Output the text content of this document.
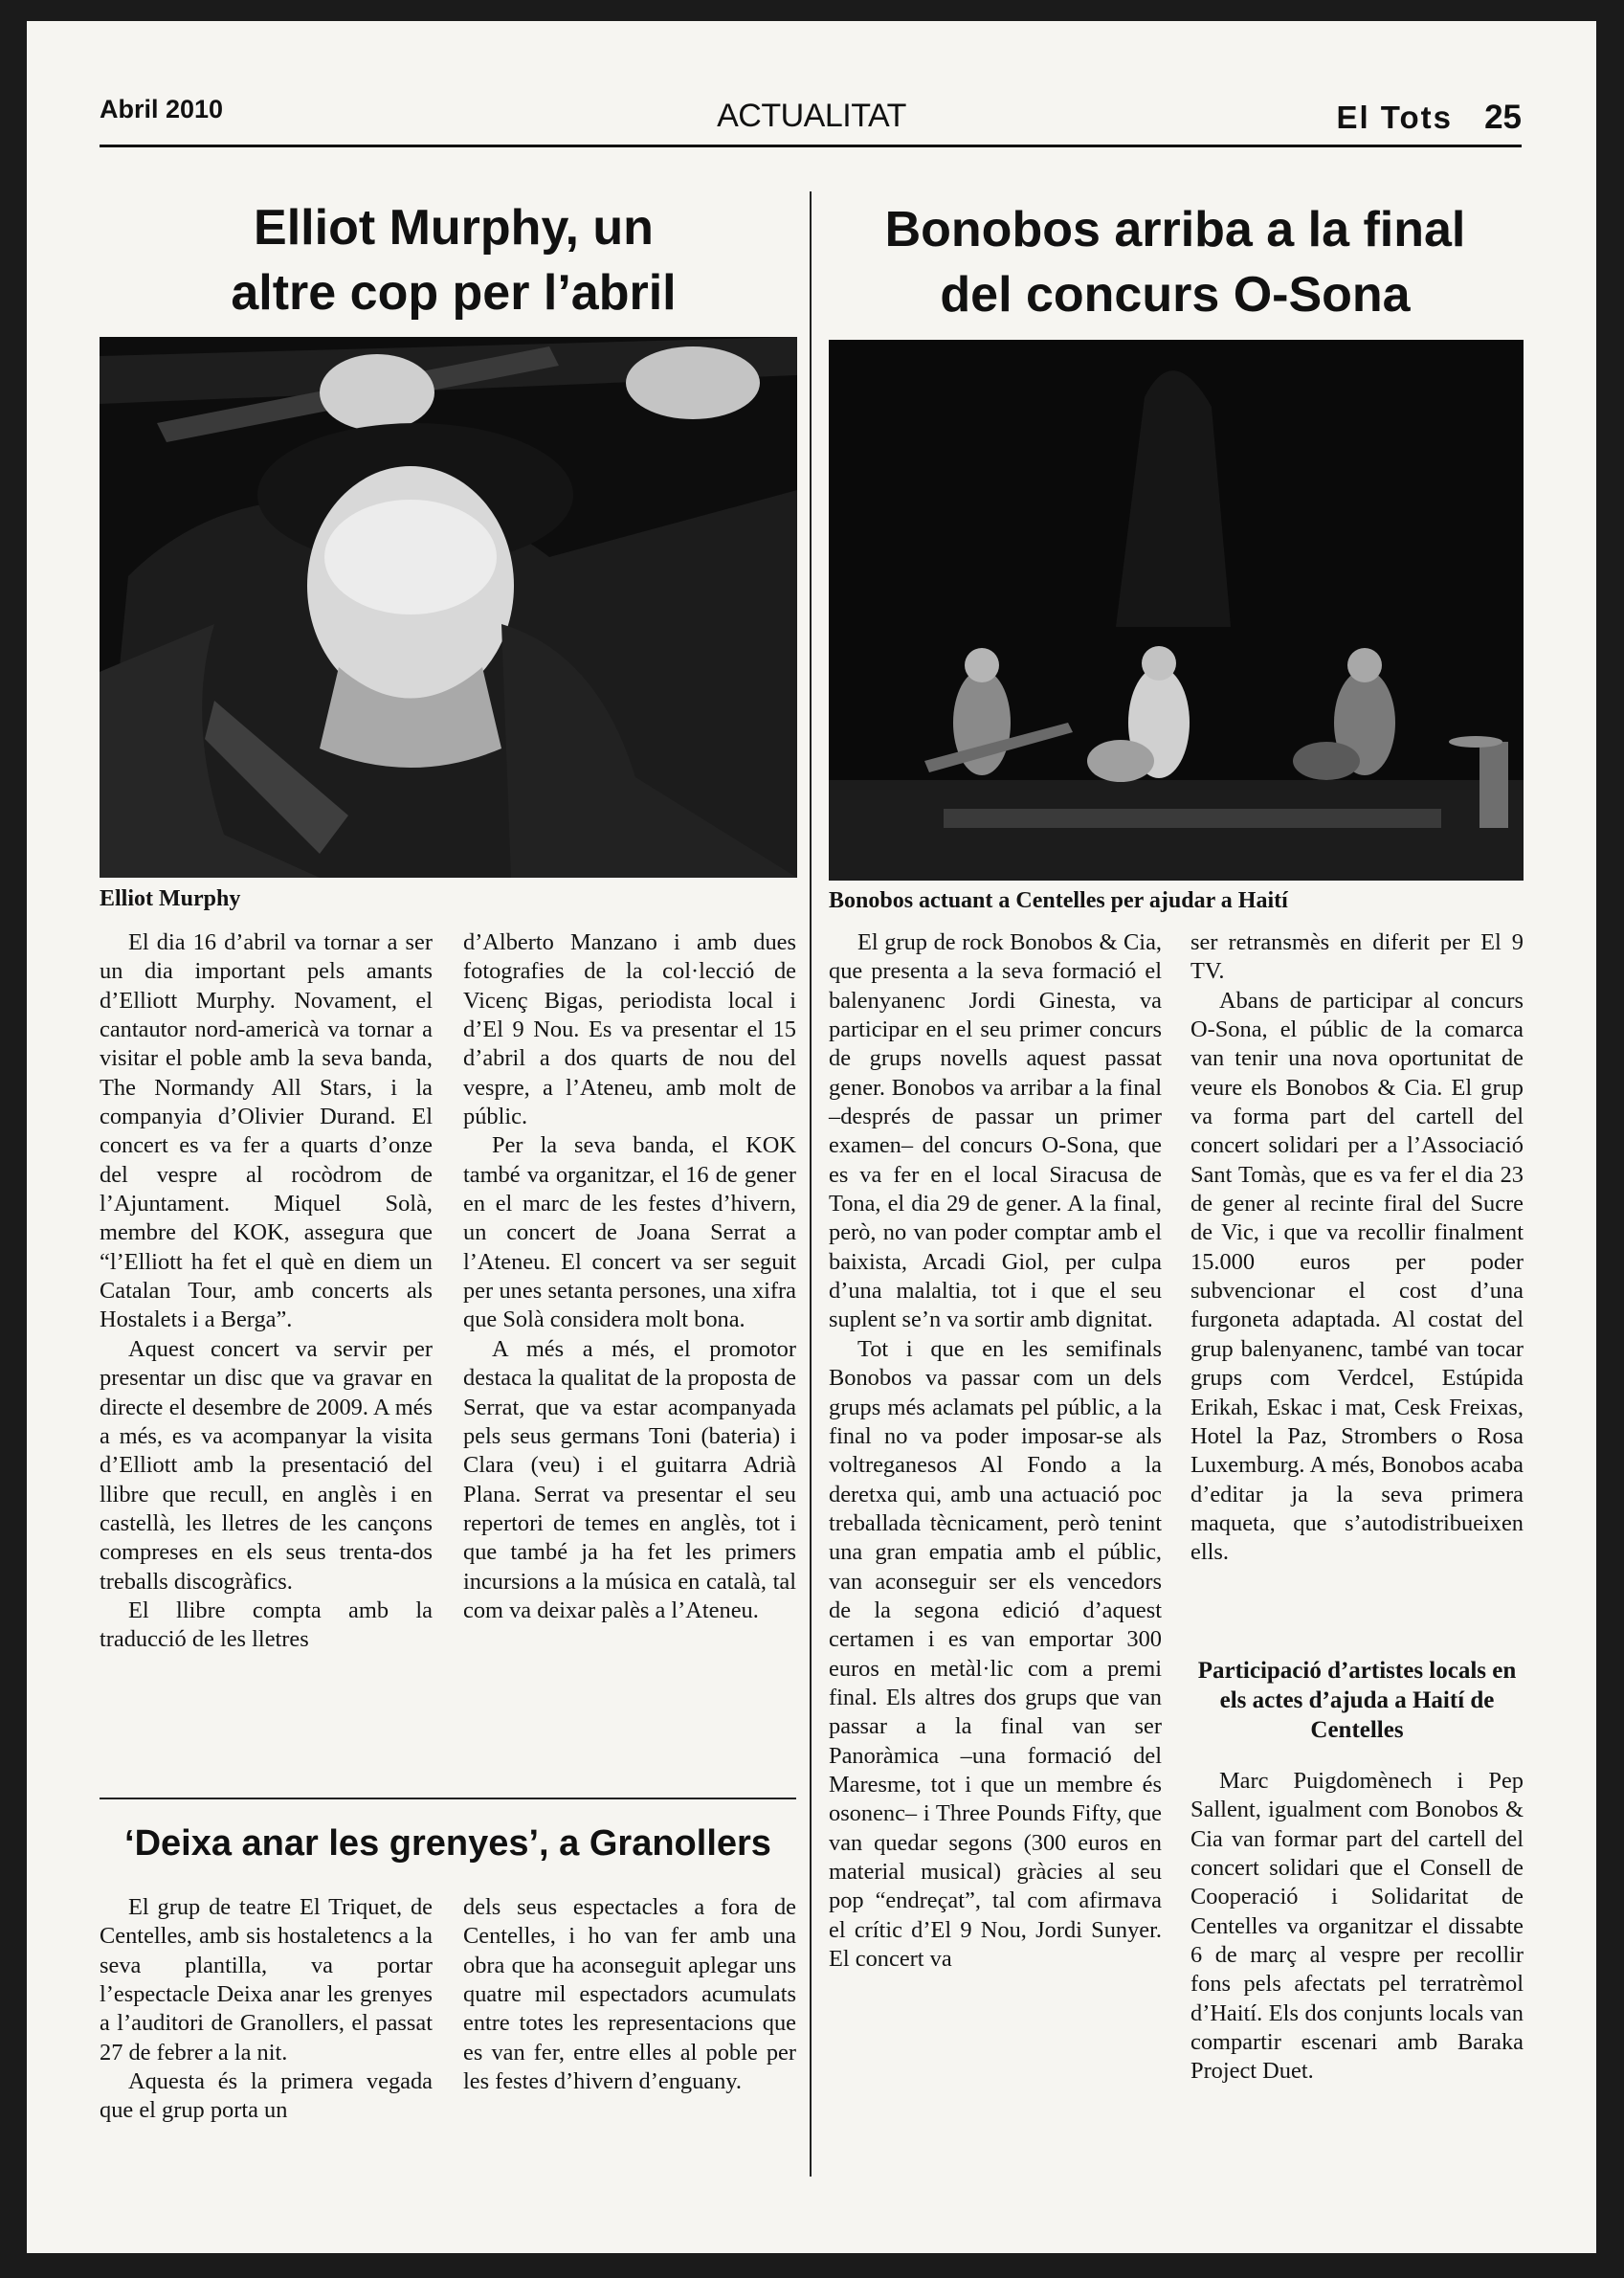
Abril 2010	ACTUALITAT	El Tots 25
Elliot Murphy, un
altre cop per l’abril
Elliot Murphy

El dia 16 d’abril va tornar a ser un dia important pels amants d’Elliott Murphy. Novament, el cantautor nord-americà va tornar a visitar el poble amb la seva banda, The Normandy All Stars, i la companyia d’Olivier Durand. El concert es va fer a quarts d’onze del vespre al rocòdrom de l’Ajuntament. Miquel Solà, membre del KOK, assegura que “l’Elliott ha fet el què en diem un Catalan Tour, amb concerts als Hostalets i a Berga”.

Aquest concert va servir per presentar un disc que va gravar en directe el desembre de 2009. A més a més, es va acompanyar la visita d’Elliott amb la presentació del llibre que recull, en anglès i en castellà, les lletres de les cançons compreses en els seus trenta-dos treballs discogràfics.

El llibre compta amb la traducció de les lletres

d’Alberto Manzano i amb dues fotografies de la col·lecció de Vicenç Bigas, periodista local i d’El 9 Nou. Es va presentar el 15 d’abril a dos quarts de nou del vespre, a l’Ateneu, amb molt de públic.

Per la seva banda, el KOK també va organitzar, el 16 de gener en el marc de les festes d’hivern, un concert de Joana Serrat a l’Ateneu. El concert va ser seguit per unes setanta persones, una xifra que Solà considera molt bona.

A més a més, el promotor destaca la qualitat de la proposta de Serrat, que va estar acompanyada pels seus germans Toni (bateria) i Clara (veu) i el guitarra Adrià Plana. Serrat va presentar el seu repertori de temes en anglès, tot i que també ja ha fet les primers incursions a la música en català, tal com va deixar palès a l’Ateneu.

Bonobos arriba a la final
del concurs O-Sona
Bonobos actuant a Centelles per ajudar a Haití

El grup de rock Bonobos & Cia, que presenta a la seva formació el balenyanenc Jordi Ginesta, va participar en el seu primer concurs de grups novells aquest passat gener. Bonobos va arribar a la final –després de passar un primer examen– del concurs O-Sona, que es va fer en el local Siracusa de Tona, el dia 29 de gener. A la final, però, no van poder comptar amb el baixista, Arcadi Giol, per culpa d’una malaltia, tot i que el seu suplent se’n va sortir amb dignitat.

Tot i que en les semifinals Bonobos va passar com un dels grups més aclamats pel públic, a la final no va poder imposar-se als voltreganesos Al Fondo a la deretxa qui, amb una actuació poc treballada tècnicament, però tenint una gran empatia amb el públic, van aconseguir ser els vencedors de la segona edició d’aquest certamen i es van emportar 300 euros en metàl·lic com a premi final. Els altres dos grups que van passar a la final van ser Panoràmica –una formació del Maresme, tot i que un membre és osonenc– i Three Pounds Fifty, que van quedar segons (300 euros en material musical) gràcies al seu pop “endreçat”, tal com afirmava el crític d’El 9 Nou, Jordi Sunyer. El concert va

ser retransmès en diferit per El 9 TV.

Abans de participar al concurs O-Sona, el públic de la comarca van tenir una nova oportunitat de veure els Bonobos & Cia. El grup va forma part del cartell del concert solidari per a l’Associació Sant Tomàs, que es va fer el dia 23 de gener al recinte firal del Sucre de Vic, i que va recollir finalment 15.000 euros per poder subvencionar el cost d’una furgoneta adaptada. Al costat del grup balenyanenc, també van tocar grups com Verdcel, Estúpida Erikah, Eskac i mat, Cesk Freixas, Hotel la Paz, Strombers o Rosa Luxemburg. A més, Bonobos acaba d’editar ja la seva primera maqueta, que s’autodistribueixen ells.

Participació d’artistes locals en els actes d’ajuda a Haití de Centelles

Marc Puigdomènech i Pep Sallent, igualment com Bonobos & Cia van formar part del cartell del concert solidari que el Consell de Cooperació i Solidaritat de Centelles va organitzar el dissabte 6 de març al vespre per recollir fons pels afectats pel terratrèmol d’Haití. Els dos conjunts locals van compartir escenari amb Baraka Project Duet.

‘Deixa anar les grenyes’, a Granollers

El grup de teatre El Triquet, de Centelles, amb sis hostaletencs a la seva plantilla, va portar l’espectacle Deixa anar les grenyes a l’auditori de Granollers, el passat 27 de febrer a la nit.

Aquesta és la primera vegada que el grup porta un

dels seus espectacles a fora de Centelles, i ho van fer amb una obra que ha aconseguit aplegar uns quatre mil espectadors acumulats entre totes les representacions que es van fer, entre elles al poble per les festes d’hivern d’enguany.
